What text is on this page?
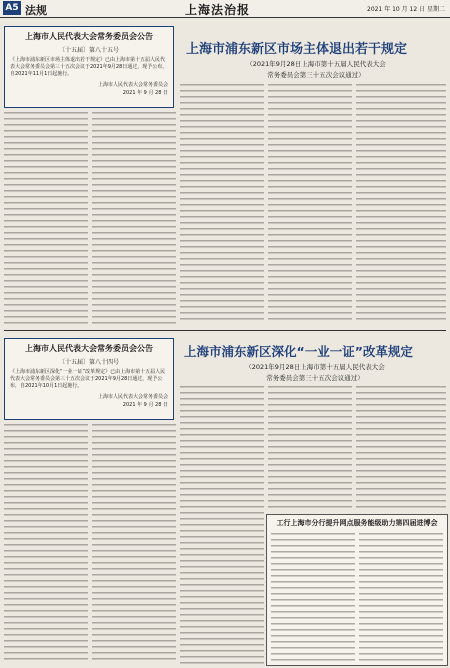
A5 法规	上海法治报	2021 年 10 月 12 日 星期二
上海市人民代表大会常务委员会公告
〔十五届〕第八十五号
《上海市浦东新区市场主体退出若干规定》已由上海市第十五届人民代表大会常务委员会第三十五次会议于2021年9月28日通过，现予公布，自2021年11月1日起施行。
上海市人民代表大会常务委员会
2021 年 9 月 28 日
上海市浦东新区市场主体退出若干规定
（2021年9月28日上海市第十五届人民代表大会
常务委员会第三十五次会议通过）
上海市人民代表大会常务委员会公告
〔十五届〕第八十四号
《上海市浦东新区深化“一业一证”改革规定》已由上海市第十五届人民代表大会常务委员会第三十五次会议于2021年9月28日通过，现予公布，自2021年10月1日起施行。
上海市人民代表大会常务委员会
2021 年 9 月 28 日
上海市浦东新区深化“一业一证”改革规定
（2021年9月28日上海市第十五届人民代表大会
常务委员会第三十五次会议通过）
工行上海市分行提升网点服务能级助力第四届进博会
